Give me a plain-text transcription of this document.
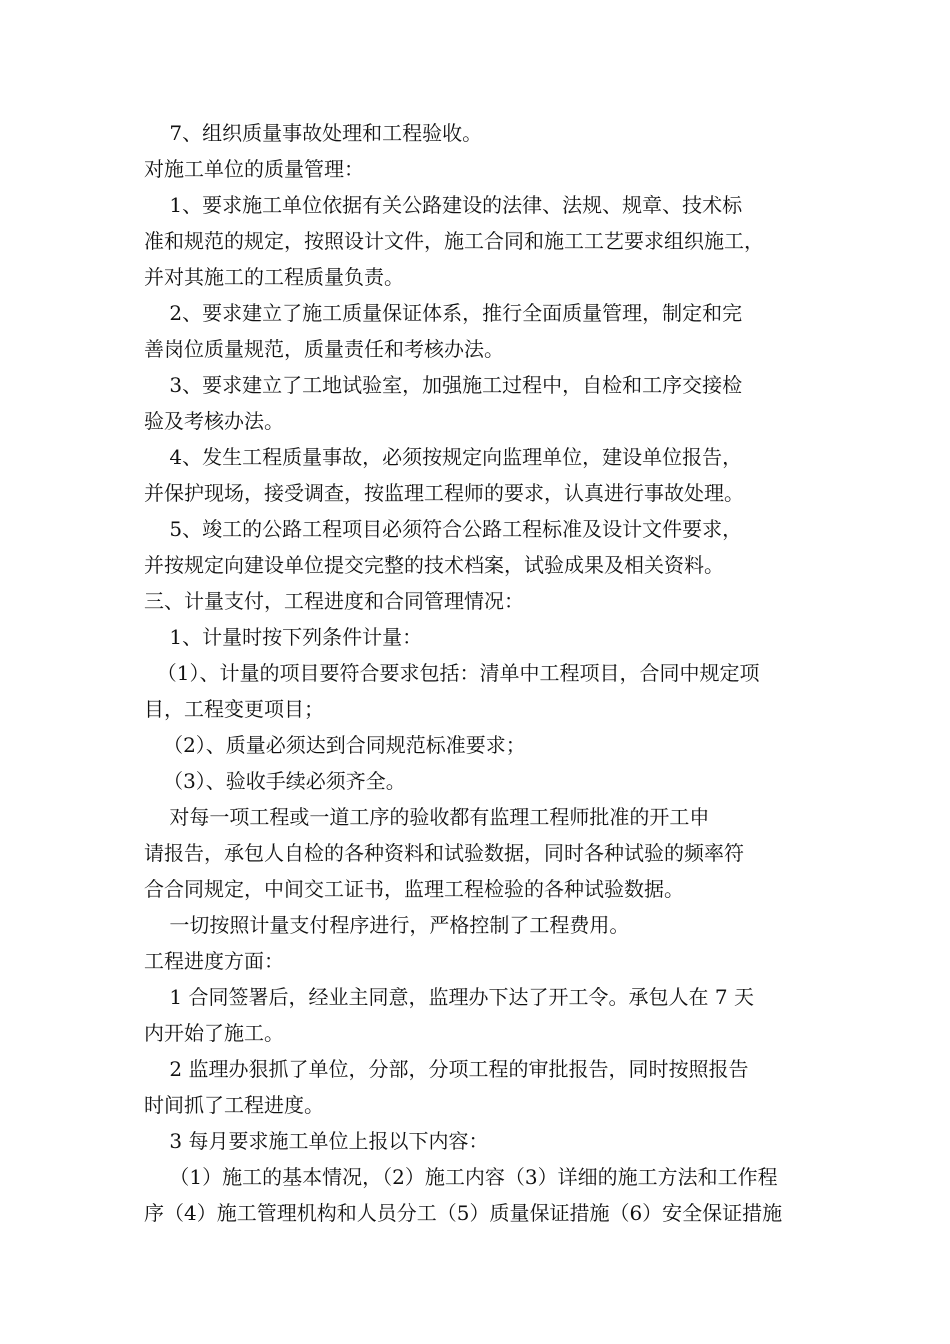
7、组织质量事故处理和工程验收。

对施工单位的质量管理：

1、要求施工单位依据有关公路建设的法律、法规、规章、技术标

准和规范的规定，按照设计文件，施工合同和施工工艺要求组织施工，

并对其施工的工程质量负责。

2、要求建立了施工质量保证体系，推行全面质量管理，制定和完

善岗位质量规范，质量责任和考核办法。

3、要求建立了工地试验室，加强施工过程中，自检和工序交接检

验及考核办法。

4、发生工程质量事故，必须按规定向监理单位，建设单位报告，

并保护现场，接受调查，按监理工程师的要求，认真进行事故处理。

5、竣工的公路工程项目必须符合公路工程标准及设计文件要求，

并按规定向建设单位提交完整的技术档案，试验成果及相关资料。

三、计量支付，工程进度和合同管理情况：

1、计量时按下列条件计量：

（1）、计量的项目要符合要求包括：清单中工程项目，合同中规定项

目，工程变更项目；

（2）、质量必须达到合同规范标准要求；

（3）、验收手续必须齐全。

对每一项工程或一道工序的验收都有监理工程师批准的开工申

请报告，承包人自检的各种资料和试验数据，同时各种试验的频率符

合合同规定，中间交工证书，监理工程检验的各种试验数据。

一切按照计量支付程序进行，严格控制了工程费用。

工程进度方面：

1 合同签署后，经业主同意，监理办下达了开工令。承包人在 7 天

内开始了施工。

2 监理办狠抓了单位，分部，分项工程的审批报告，同时按照报告

时间抓了工程进度。

3 每月要求施工单位上报以下内容：

（1）施工的基本情况，（2）施工内容（3）详细的施工方法和工作程

序（4）施工管理机构和人员分工（5）质量保证措施（6）安全保证措施
